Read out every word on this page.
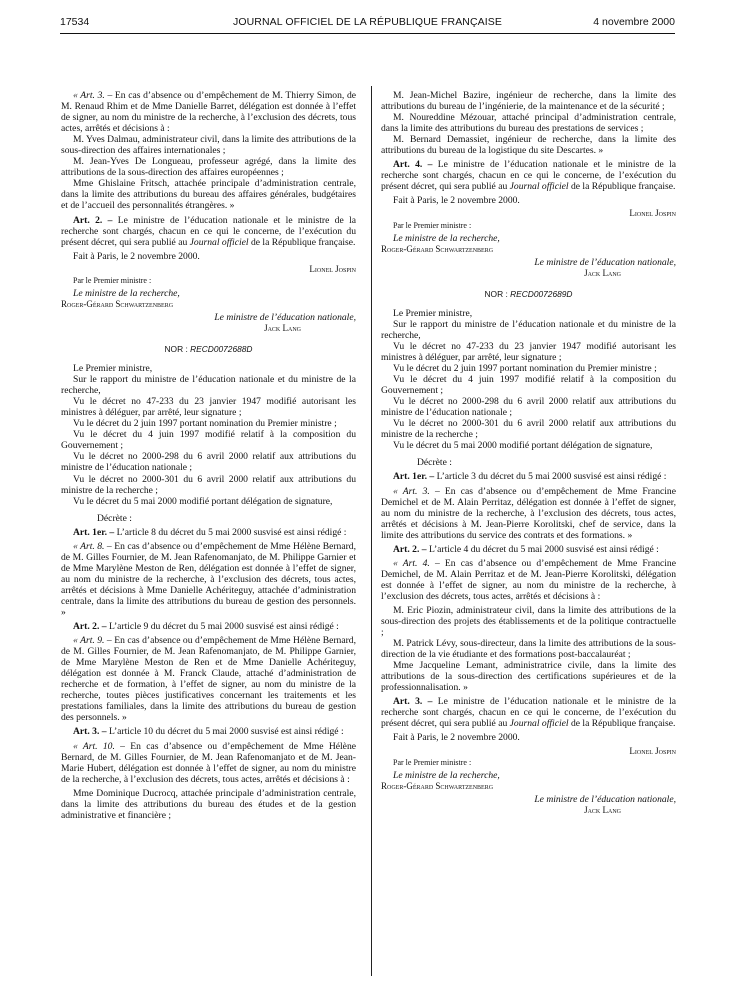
17534	JOURNAL OFFICIEL DE LA RÉPUBLIQUE FRANÇAISE	4 novembre 2000

« Art. 3. – En cas d’absence ou d’empêchement de M. Thierry Simon, de M. Renaud Rhim et de Mme Danielle Barret, délégation est donnée à l’effet de signer, au nom du ministre de la recherche, à l’exclusion des décrets, tous actes, arrêtés et décisions à :

M. Yves Dalmau, administrateur civil, dans la limite des attributions de la sous-direction des affaires internationales ;

M. Jean-Yves De Longueau, professeur agrégé, dans la limite des attributions de la sous-direction des affaires européennes ;

Mme Ghislaine Fritsch, attachée principale d’administration centrale, dans la limite des attributions du bureau des affaires générales, budgétaires et de l’accueil des personnalités étrangères. »

Art. 2. – Le ministre de l’éducation nationale et le ministre de la recherche sont chargés, chacun en ce qui le concerne, de l’exécution du présent décret, qui sera publié au Journal officiel de la République française.

Fait à Paris, le 2 novembre 2000.

Lionel Jospin

Par le Premier ministre :

Le ministre de la recherche,

Roger-Gérard Schwartzenberg

Le ministre de l’éducation nationale,

Jack Lang

NOR : RECD0072688D

Le Premier ministre,

Sur le rapport du ministre de l’éducation nationale et du ministre de la recherche,

Vu le décret no 47-233 du 23 janvier 1947 modifié autorisant les ministres à déléguer, par arrêté, leur signature ;

Vu le décret du 2 juin 1997 portant nomination du Premier ministre ;

Vu le décret du 4 juin 1997 modifié relatif à la composition du Gouvernement ;

Vu le décret no 2000-298 du 6 avril 2000 relatif aux attributions du ministre de l’éducation nationale ;

Vu le décret no 2000-301 du 6 avril 2000 relatif aux attributions du ministre de la recherche ;

Vu le décret du 5 mai 2000 modifié portant délégation de signature,

Décrète :

Art. 1er. – L’article 8 du décret du 5 mai 2000 susvisé est ainsi rédigé :

« Art. 8. – En cas d’absence ou d’empêchement de Mme Hélène Bernard, de M. Gilles Fournier, de M. Jean Rafenomanjato, de M. Philippe Garnier et de Mme Marylène Meston de Ren, délégation est donnée à l’effet de signer, au nom du ministre de la recherche, à l’exclusion des décrets, tous actes, arrêtés et décisions à Mme Danielle Achériteguy, attachée d’administration centrale, dans la limite des attributions du bureau de gestion des personnels. »

Art. 2. – L’article 9 du décret du 5 mai 2000 susvisé est ainsi rédigé :

« Art. 9. – En cas d’absence ou d’empêchement de Mme Hélène Bernard, de M. Gilles Fournier, de M. Jean Rafenomanjato, de M. Philippe Garnier, de Mme Marylène Meston de Ren et de Mme Danielle Achériteguy, délégation est donnée à M. Franck Claude, attaché d’administration de recherche et de formation, à l’effet de signer, au nom du ministre de la recherche, toutes pièces justificatives concernant les traitements et les prestations familiales, dans la limite des attributions du bureau de gestion des personnels. »

Art. 3. – L’article 10 du décret du 5 mai 2000 susvisé est ainsi rédigé :

« Art. 10. – En cas d’absence ou d’empêchement de Mme Hélène Bernard, de M. Gilles Fournier, de M. Jean Rafenomanjato et de M. Jean-Marie Hubert, délégation est donnée à l’effet de signer, au nom du ministre de la recherche, à l’exclusion des décrets, tous actes, arrêtés et décisions à :

Mme Dominique Ducrocq, attachée principale d’administration centrale, dans la limite des attributions du bureau des études et de la gestion administrative et financière ;

M. Jean-Michel Bazire, ingénieur de recherche, dans la limite des attributions du bureau de l’ingénierie, de la maintenance et de la sécurité ;

M. Noureddine Mézouar, attaché principal d’administration centrale, dans la limite des attributions du bureau des prestations de services ;

M. Bernard Demassiet, ingénieur de recherche, dans la limite des attributions du bureau de la logistique du site Descartes. »

Art. 4. – Le ministre de l’éducation nationale et le ministre de la recherche sont chargés, chacun en ce qui le concerne, de l’exécution du présent décret, qui sera publié au Journal officiel de la République française.

Fait à Paris, le 2 novembre 2000.

Lionel Jospin

Par le Premier ministre :

Le ministre de la recherche,

Roger-Gérard Schwartzenberg

Le ministre de l’éducation nationale,

Jack Lang

NOR : RECD0072689D

Le Premier ministre,

Sur le rapport du ministre de l’éducation nationale et du ministre de la recherche,

Vu le décret no 47-233 du 23 janvier 1947 modifié autorisant les ministres à déléguer, par arrêté, leur signature ;

Vu le décret du 2 juin 1997 portant nomination du Premier ministre ;

Vu le décret du 4 juin 1997 modifié relatif à la composition du Gouvernement ;

Vu le décret no 2000-298 du 6 avril 2000 relatif aux attributions du ministre de l’éducation nationale ;

Vu le décret no 2000-301 du 6 avril 2000 relatif aux attributions du ministre de la recherche ;

Vu le décret du 5 mai 2000 modifié portant délégation de signature,

Décrète :

Art. 1er. – L’article 3 du décret du 5 mai 2000 susvisé est ainsi rédigé :

« Art. 3. – En cas d’absence ou d’empêchement de Mme Francine Demichel et de M. Alain Perritaz, délégation est donnée à l’effet de signer, au nom du ministre de la recherche, à l’exclusion des décrets, tous actes, arrêtés et décisions à M. Jean-Pierre Korolitski, chef de service, dans la limite des attributions du service des contrats et des formations. »

Art. 2. – L’article 4 du décret du 5 mai 2000 susvisé est ainsi rédigé :

« Art. 4. – En cas d’absence ou d’empêchement de Mme Francine Demichel, de M. Alain Perritaz et de M. Jean-Pierre Korolitski, délégation est donnée à l’effet de signer, au nom du ministre de la recherche, à l’exclusion des décrets, tous actes, arrêtés et décisions à :

M. Eric Piozin, administrateur civil, dans la limite des attributions de la sous-direction des projets des établissements et de la politique contractuelle ;

M. Patrick Lévy, sous-directeur, dans la limite des attributions de la sous-direction de la vie étudiante et des formations post-baccalauréat ;

Mme Jacqueline Lemant, administratrice civile, dans la limite des attributions de la sous-direction des certifications supérieures et de la professionnalisation. »

Art. 3. – Le ministre de l’éducation nationale et le ministre de la recherche sont chargés, chacun en ce qui le concerne, de l’exécution du présent décret, qui sera publié au Journal officiel de la République française.

Fait à Paris, le 2 novembre 2000.

Lionel Jospin

Par le Premier ministre :

Le ministre de la recherche,

Roger-Gérard Schwartzenberg

Le ministre de l’éducation nationale,

Jack Lang
